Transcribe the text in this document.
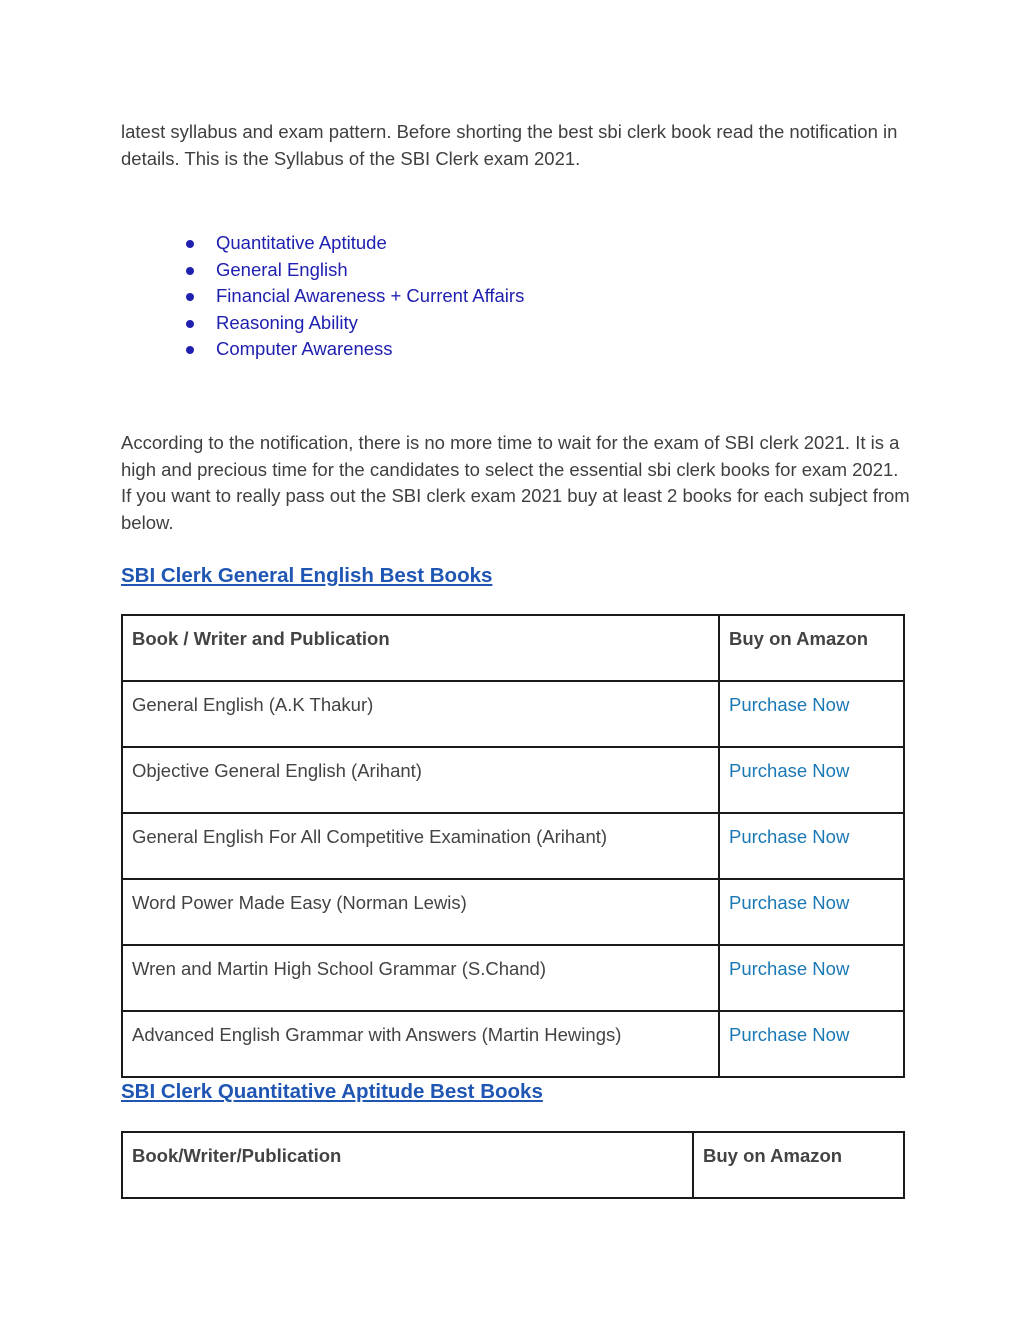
latest syllabus and exam pattern. Before shorting the best sbi clerk book read the notification in details. This is the Syllabus of the SBI Clerk exam 2021.

Quantitative Aptitude
General English
Financial Awareness + Current Affairs
Reasoning Ability
Computer Awareness

According to the notification, there is no more time to wait for the exam of SBI clerk 2021. It is a high and precious time for the candidates to select the essential sbi clerk books for exam 2021. If you want to really pass out the SBI clerk exam 2021 buy at least 2 books for each subject from below.

SBI Clerk General English Best Books
Book / Writer and Publication	Buy on Amazon
General English (A.K Thakur)	Purchase Now
Objective General English (Arihant)	Purchase Now
General English For All Competitive Examination (Arihant)	Purchase Now
Word Power Made Easy (Norman Lewis)	Purchase Now
Wren and Martin High School Grammar (S.Chand)	Purchase Now
Advanced English Grammar with Answers (Martin Hewings)	Purchase Now
SBI Clerk Quantitative Aptitude Best Books
Book/Writer/Publication	Buy on Amazon
